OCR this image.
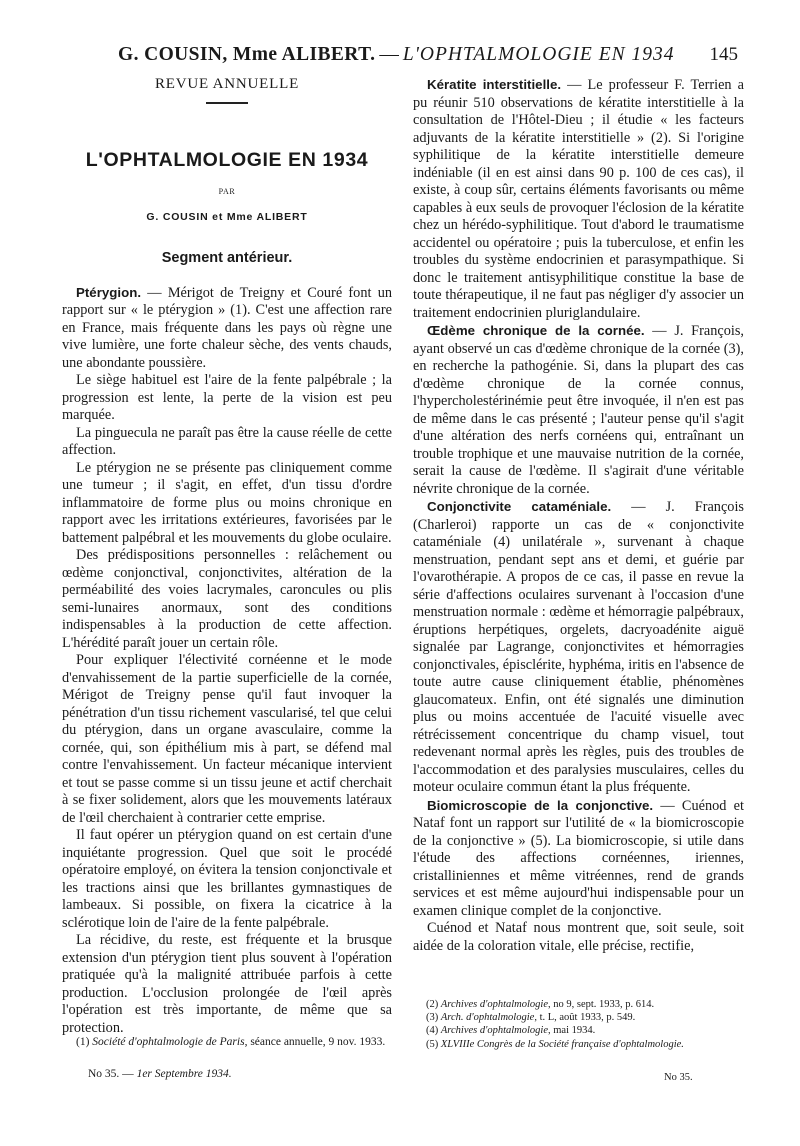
G. COUSIN, Mme ALIBERT. — L'OPHTALMOLOGIE EN 1934 145
REVUE ANNUELLE
L'OPHTALMOLOGIE EN 1934
PAR
G. COUSIN et Mme ALIBERT
Segment antérieur.

Ptérygion. — Mérigot de Treigny et Couré font un rapport sur « le ptérygion » (1). C'est une affection rare en France, mais fréquente dans les pays où règne une vive lumière, une forte chaleur sèche, des vents chauds, une abondante poussière.

Le siège habituel est l'aire de la fente palpébrale ; la progression est lente, la perte de la vision est peu marquée.

La pinguecula ne paraît pas être la cause réelle de cette affection.

Le ptérygion ne se présente pas cliniquement comme une tumeur ; il s'agit, en effet, d'un tissu d'ordre inflammatoire de forme plus ou moins chronique en rapport avec les irritations extérieures, favorisées par le battement palpébral et les mouvements du globe oculaire.

Des prédispositions personnelles : relâchement ou œdème conjonctival, conjonctivites, altération de la perméabilité des voies lacrymales, caroncules ou plis semi-lunaires anormaux, sont des conditions indispensables à la production de cette affection. L'hérédité paraît jouer un certain rôle.

Pour expliquer l'électivité cornéenne et le mode d'envahissement de la partie superficielle de la cornée, Mérigot de Treigny pense qu'il faut invoquer la pénétration d'un tissu richement vascularisé, tel que celui du ptérygion, dans un organe avasculaire, comme la cornée, qui, son épithélium mis à part, se défend mal contre l'envahissement. Un facteur mécanique intervient et tout se passe comme si un tissu jeune et actif cherchait à se fixer solidement, alors que les mouvements latéraux de l'œil cherchaient à contrarier cette emprise.

Il faut opérer un ptérygion quand on est certain d'une inquiétante progression. Quel que soit le procédé opératoire employé, on évitera la tension conjonctivale et les tractions ainsi que les brillantes gymnastiques de lambeaux. Si possible, on fixera la cicatrice à la sclérotique loin de l'aire de la fente palpébrale.

La récidive, du reste, est fréquente et la brusque extension d'un ptérygion tient plus souvent à l'opération pratiquée qu'à la malignité attribuée parfois à cette production. L'occlusion prolongée de l'œil après l'opération est très importante, de même que sa protection.

(1) Société d'ophtalmologie de Paris, séance annuelle, 9 nov. 1933.

No 35. — 1er Septembre 1934.

Kératite interstitielle. — Le professeur F. Terrien a pu réunir 510 observations de kératite interstitielle à la consultation de l'Hôtel-Dieu ; il étudie « les facteurs adjuvants de la kératite interstitielle » (2). Si l'origine syphilitique de la kératite interstitielle demeure indéniable (il en est ainsi dans 90 p. 100 de ces cas), il existe, à coup sûr, certains éléments favorisants ou même capables à eux seuls de provoquer l'éclosion de la kératite chez un hérédo-syphilitique. Tout d'abord le traumatisme accidentel ou opératoire ; puis la tuberculose, et enfin les troubles du système endocrinien et parasympathique. Si donc le traitement antisyphilitique constitue la base de toute thérapeutique, il ne faut pas négliger d'y associer un traitement endocrinien pluriglandulaire.

Œdème chronique de la cornée. — J. François, ayant observé un cas d'œdème chronique de la cornée (3), en recherche la pathogénie. Si, dans la plupart des cas d'œdème chronique de la cornée connus, l'hypercholestérinémie peut être invoquée, il n'en est pas de même dans le cas présenté ; l'auteur pense qu'il s'agit d'une altération des nerfs cornéens qui, entraînant un trouble trophique et une mauvaise nutrition de la cornée, serait la cause de l'œdème. Il s'agirait d'une véritable névrite chronique de la cornée.

Conjonctivite cataméniale. — J. François (Charleroi) rapporte un cas de « conjonctivite cataméniale (4) unilatérale », survenant à chaque menstruation, pendant sept ans et demi, et guérie par l'ovarothérapie. A propos de ce cas, il passe en revue la série d'affections oculaires survenant à l'occasion d'une menstruation normale : œdème et hémorragie palpébraux, éruptions herpétiques, orgelets, dacryoadénite aiguë signalée par Lagrange, conjonctivites et hémorragies conjonctivales, épisclérite, hyphéma, iritis en l'absence de toute autre cause cliniquement établie, phénomènes glaucomateux. Enfin, ont été signalés une diminution plus ou moins accentuée de l'acuité visuelle avec rétrécissement concentrique du champ visuel, tout redevenant normal après les règles, puis des troubles de l'accommodation et des paralysies musculaires, celles du moteur oculaire commun étant la plus fréquente.

Biomicroscopie de la conjonctive. — Cuénod et Nataf font un rapport sur l'utilité de « la biomicroscopie de la conjonctive » (5). La biomicroscopie, si utile dans l'étude des affections cornéennes, iriennes, cristalliniennes et même vitréennes, rend de grands services et est même aujourd'hui indispensable pour un examen clinique complet de la conjonctive.

Cuénod et Nataf nous montrent que, soit seule, soit aidée de la coloration vitale, elle précise, rectifie,

(2) Archives d'ophtalmologie, no 9, sept. 1933, p. 614.

(3) Arch. d'ophtalmologie, t. L, août 1933, p. 549.

(4) Archives d'ophtalmologie, mai 1934.

(5) XLVIIIe Congrès de la Société française d'ophtalmologie.

No 35.
